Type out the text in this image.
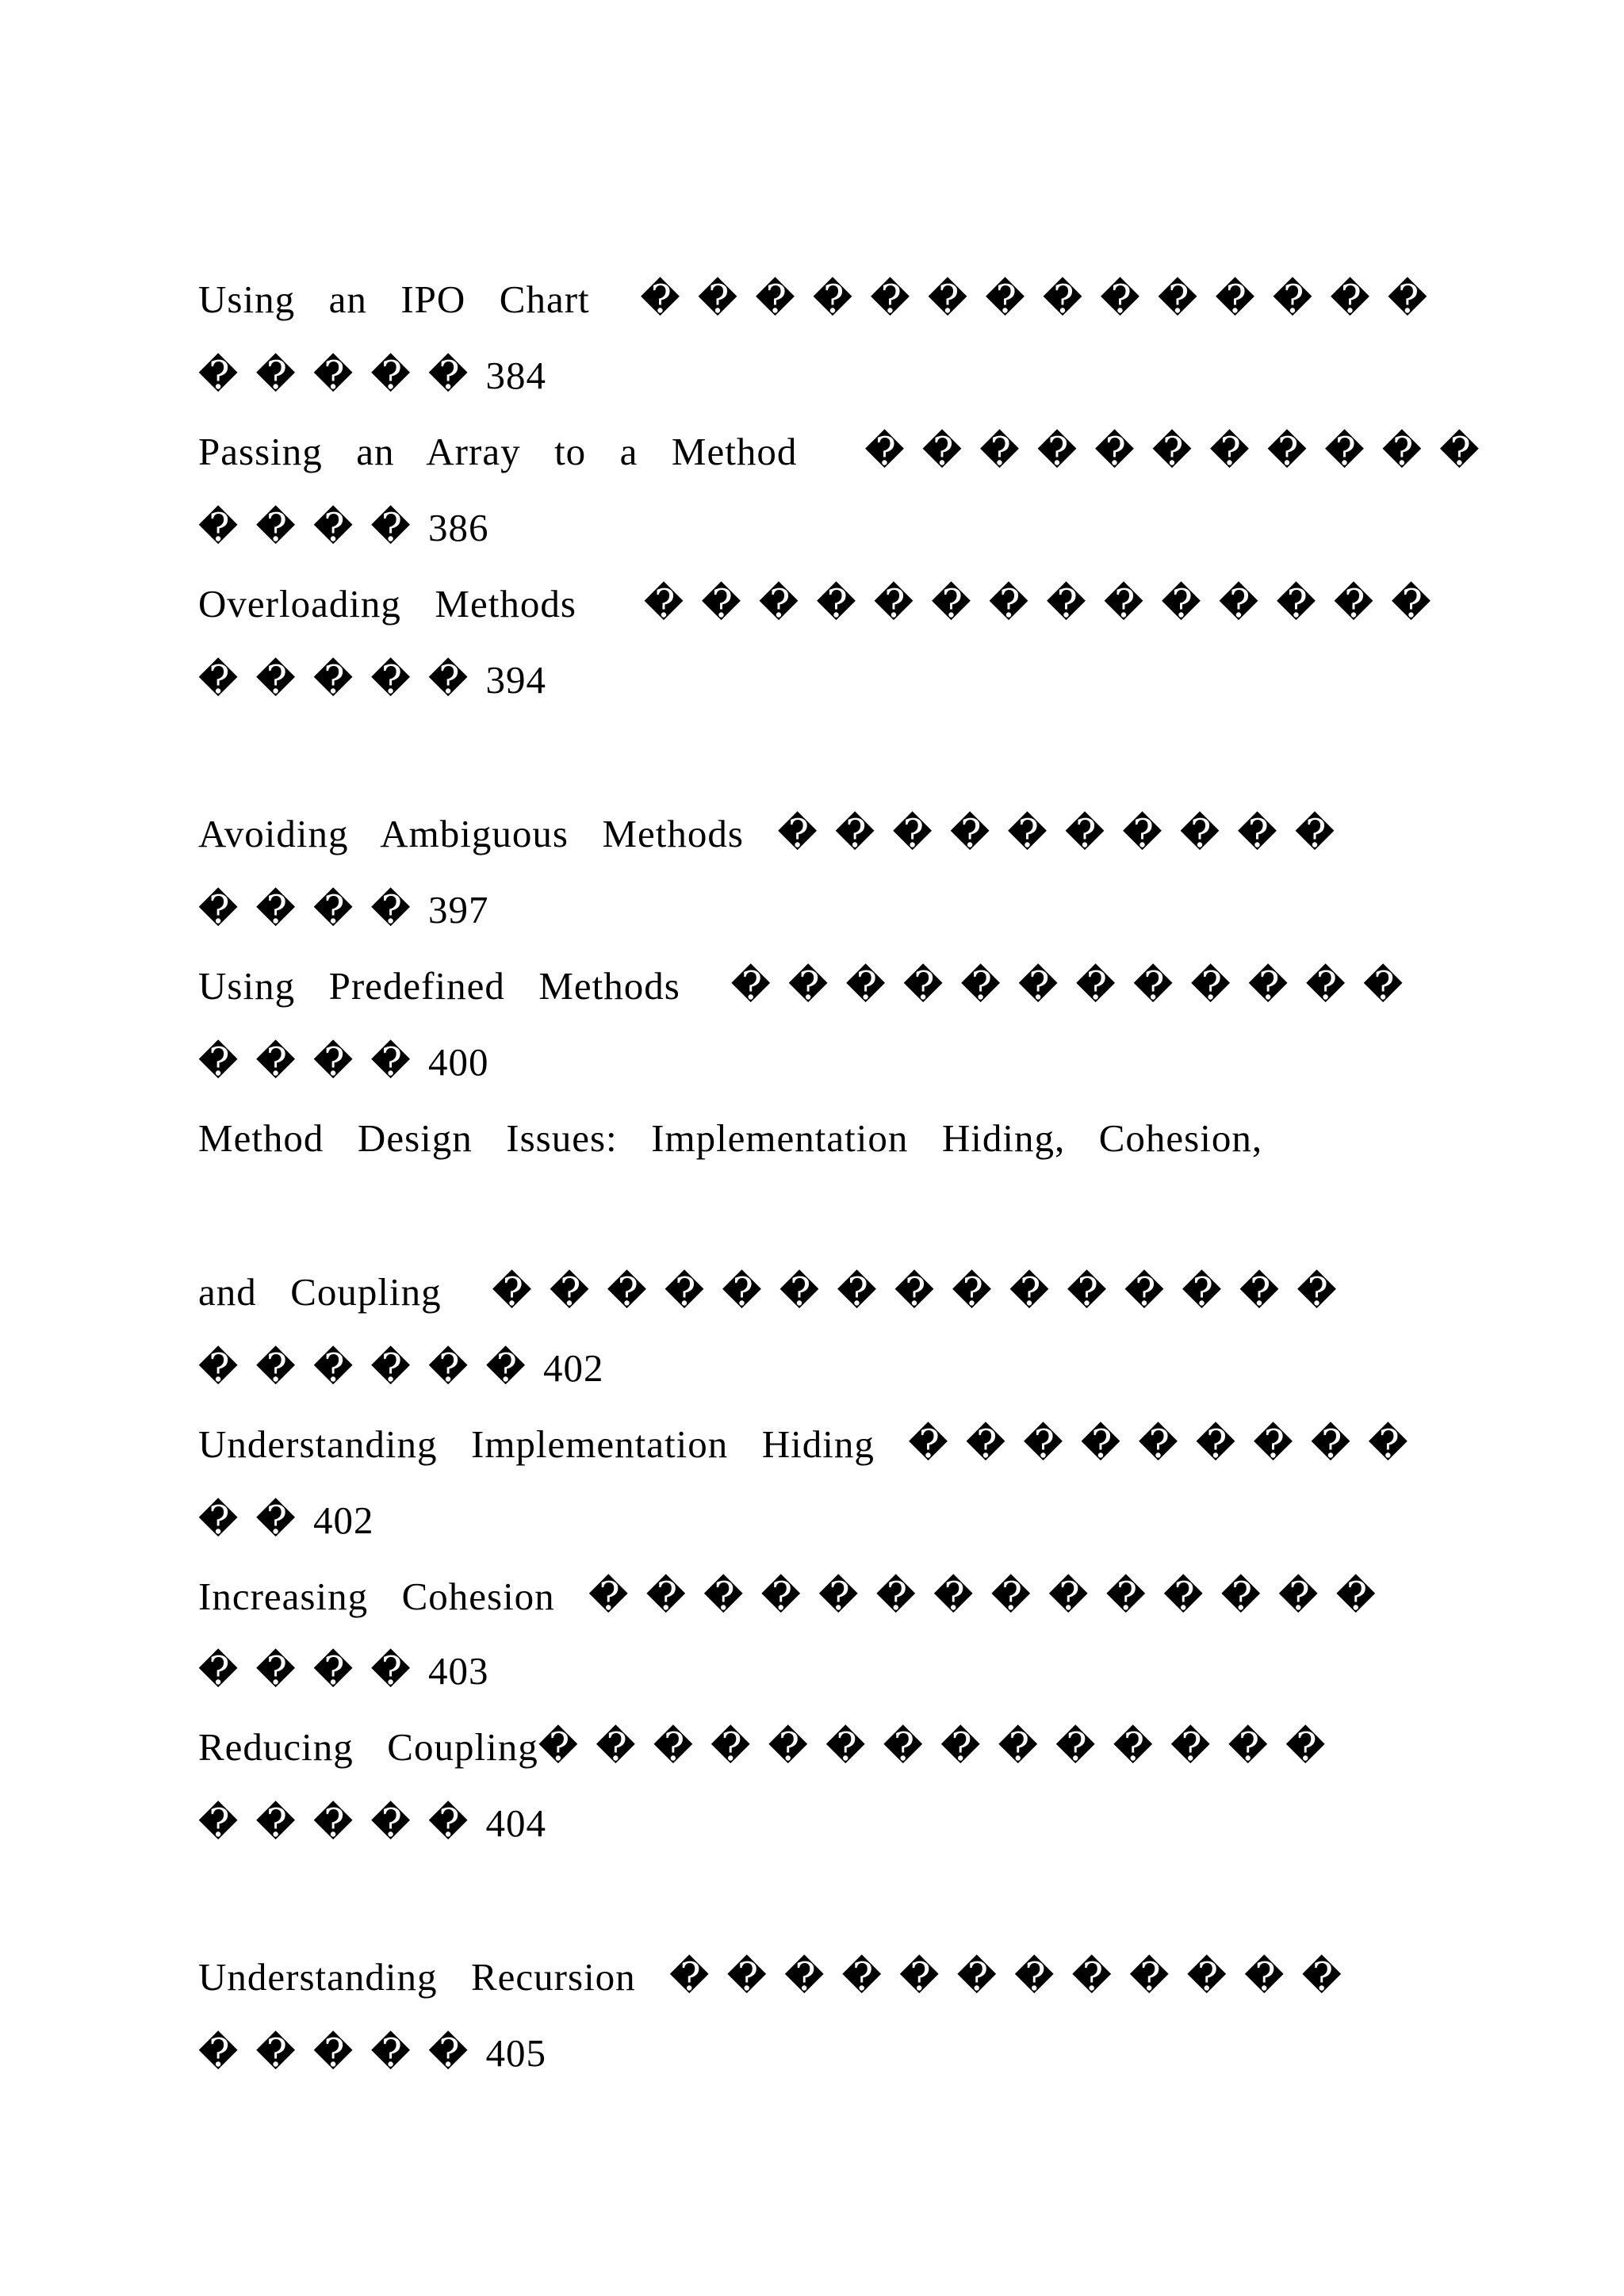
Using  an  IPO  Chart   � � � � � � � � � � � � � �
� � � � � 384
Passing  an  Array  to  a  Method    � � � � � � � � � � �
� � � � 386
Overloading  Methods    � � � � � � � � � � � � � �
� � � � � 394
Avoiding  Ambiguous  Methods  � � � � � � � � � �
� � � � 397
Using  Predefined  Methods   � � � � � � � � � � � �
� � � � 400
Method  Design  Issues:  Implementation  Hiding,  Cohesion,
and  Coupling   � � � � � � � � � � � � � � �
� � � � � � 402
Understanding  Implementation  Hiding  � � � � � � � � �
� � 402
Increasing  Cohesion  � � � � � � � � � � � � � �
� � � � 403
Reducing  Coupling� � � � � � � � � � � � � �
� � � � � 404
Understanding  Recursion  � � � � � � � � � � � �
� � � � � 405
